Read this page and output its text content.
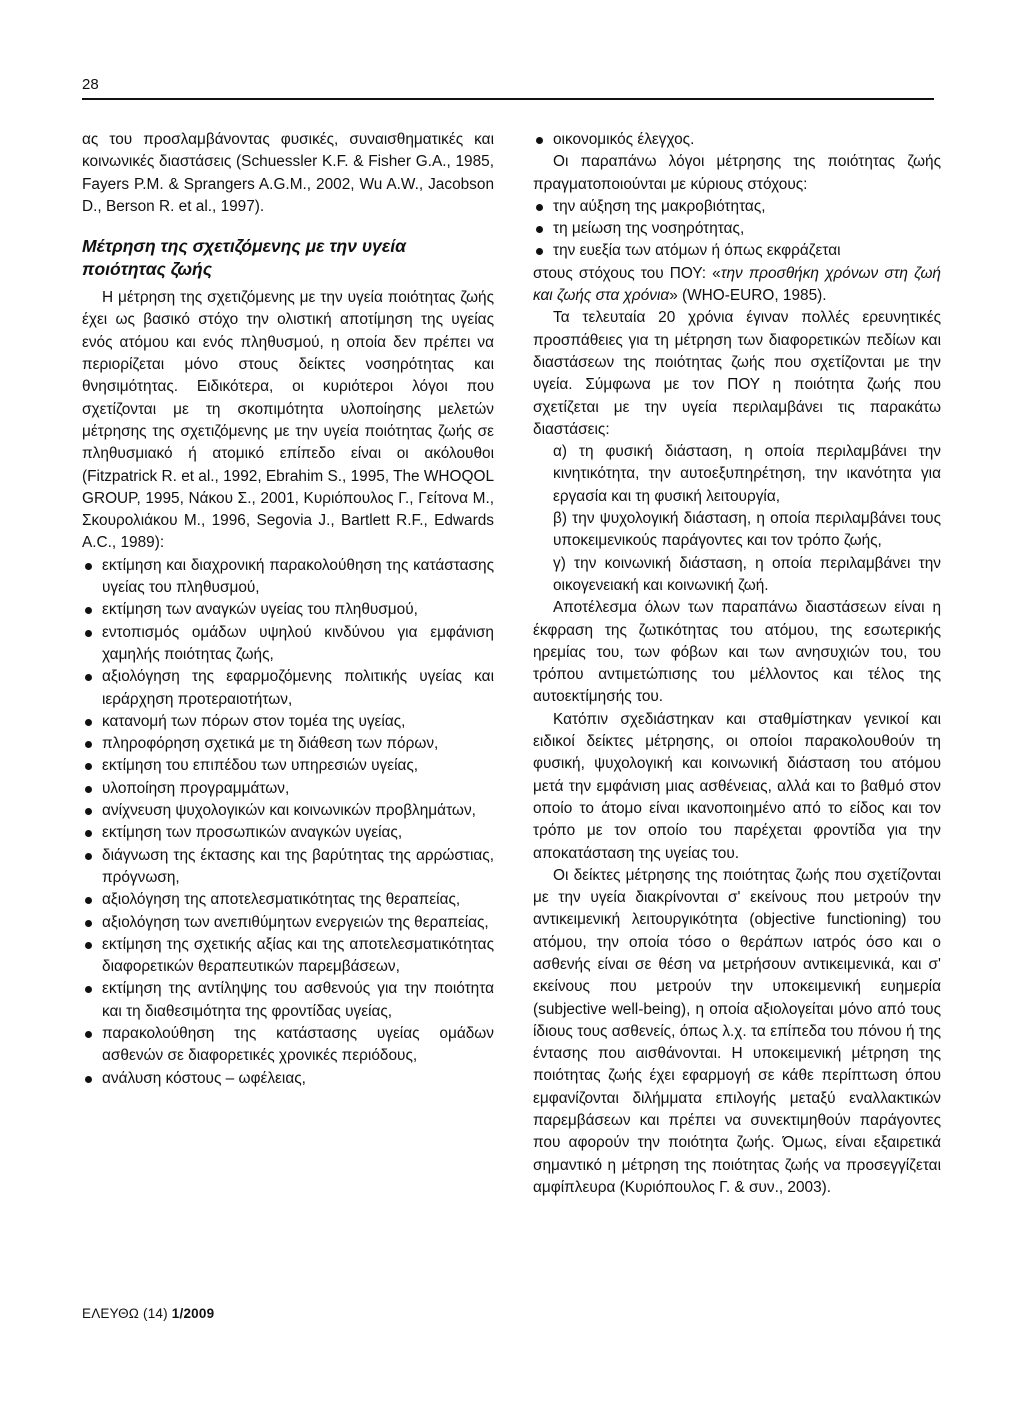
28

ας του προσλαμβάνοντας φυσικές, συναισθηματικές και κοινωνικές διαστάσεις (Schuessler K.F. & Fisher G.A., 1985, Fayers P.M. & Sprangers A.G.M., 2002, Wu A.W., Jacobson D., Berson R. et al., 1997).

Μέτρηση της σχετιζόμενης με την υγεία ποιότητας ζωής

Η μέτρηση της σχετιζόμενης με την υγεία ποιότητας ζωής έχει ως βασικό στόχο την ολιστική αποτίμηση της υγείας ενός ατόμου και ενός πληθυσμού, η οποία δεν πρέπει να περιορίζεται μόνο στους δείκτες νοσηρότητας και θνησιμότητας. Ειδικότερα, οι κυριότεροι λόγοι που σχετίζονται με τη σκοπιμότητα υλοποίησης μελετών μέτρησης της σχετιζόμενης με την υγεία ποιότητας ζωής σε πληθυσμιακό ή ατομικό επίπεδο είναι οι ακόλουθοι (Fitzpatrick R. et al., 1992, Ebrahim S., 1995, The WHOQOL GROUP, 1995, Νάκου Σ., 2001, Κυριόπουλος Γ., Γείτονα Μ., Σκουρολιάκου Μ., 1996, Segovia J., Bartlett R.F., Edwards A.C., 1989):

εκτίμηση και διαχρονική παρακολούθηση της κατάστασης υγείας του πληθυσμού,
εκτίμηση των αναγκών υγείας του πληθυσμού,
εντοπισμός ομάδων υψηλού κινδύνου για εμφάνιση χαμηλής ποιότητας ζωής,
αξιολόγηση της εφαρμοζόμενης πολιτικής υγείας και ιεράρχηση προτεραιοτήτων,
κατανομή των πόρων στον τομέα της υγείας,
πληροφόρηση σχετικά με τη διάθεση των πόρων,
εκτίμηση του επιπέδου των υπηρεσιών υγείας,
υλοποίηση προγραμμάτων,
ανίχνευση ψυχολογικών και κοινωνικών προβλημάτων,
εκτίμηση των προσωπικών αναγκών υγείας,
διάγνωση της έκτασης και της βαρύτητας της αρρώστιας, πρόγνωση,
αξιολόγηση της αποτελεσματικότητας της θεραπείας,
αξιολόγηση των ανεπιθύμητων ενεργειών της θεραπείας,
εκτίμηση της σχετικής αξίας και της αποτελεσματικότητας διαφορετικών θεραπευτικών παρεμβάσεων,
εκτίμηση της αντίληψης του ασθενούς για την ποιότητα και τη διαθεσιμότητα της φροντίδας υγείας,
παρακολούθηση της κατάστασης υγείας ομάδων ασθενών σε διαφορετικές χρονικές περιόδους,
ανάλυση κόστους – ωφέλειας,
οικονομικός έλεγχος.

Οι παραπάνω λόγοι μέτρησης της ποιότητας ζωής πραγματοποιούνται με κύριους στόχους:

την αύξηση της μακροβιότητας,
τη μείωση της νοσηρότητας,
την ευεξία των ατόμων ή όπως εκφράζεται

στους στόχους του ΠΟΥ: «την προσθήκη χρόνων στη ζωή και ζωής στα χρόνια» (WHO-EURO, 1985).

Τα τελευταία 20 χρόνια έγιναν πολλές ερευνητικές προσπάθειες για τη μέτρηση των διαφορετικών πεδίων και διαστάσεων της ποιότητας ζωής που σχετίζονται με την υγεία. Σύμφωνα με τον ΠΟΥ η ποιότητα ζωής που σχετίζεται με την υγεία περιλαμβάνει τις παρακάτω διαστάσεις:

α) τη φυσική διάσταση, η οποία περιλαμβάνει την κινητικότητα, την αυτοεξυπηρέτηση, την ικανότητα για εργασία και τη φυσική λειτουργία,

β) την ψυχολογική διάσταση, η οποία περιλαμβάνει τους υποκειμενικούς παράγοντες και τον τρόπο ζωής,

γ) την κοινωνική διάσταση, η οποία περιλαμβάνει την οικογενειακή και κοινωνική ζωή.

Αποτέλεσμα όλων των παραπάνω διαστάσεων είναι η έκφραση της ζωτικότητας του ατόμου, της εσωτερικής ηρεμίας του, των φόβων και των ανησυχιών του, του τρόπου αντιμετώπισης του μέλλοντος και τέλος της αυτοεκτίμησής του.

Κατόπιν σχεδιάστηκαν και σταθμίστηκαν γενικοί και ειδικοί δείκτες μέτρησης, οι οποίοι παρακολουθούν τη φυσική, ψυχολογική και κοινωνική διάσταση του ατόμου μετά την εμφάνιση μιας ασθένειας, αλλά και το βαθμό στον οποίο το άτομο είναι ικανοποιημένο από το είδος και τον τρόπο με τον οποίο του παρέχεται φροντίδα για την αποκατάσταση της υγείας του.

Οι δείκτες μέτρησης της ποιότητας ζωής που σχετίζονται με την υγεία διακρίνονται σ' εκείνους που μετρούν την αντικειμενική λειτουργικότητα (objective functioning) του ατόμου, την οποία τόσο ο θεράπων ιατρός όσο και ο ασθενής είναι σε θέση να μετρήσουν αντικειμενικά, και σ' εκείνους που μετρούν την υποκειμενική ευημερία (subjective well-being), η οποία αξιολογείται μόνο από τους ίδιους τους ασθενείς, όπως λ.χ. τα επίπεδα του πόνου ή της έντασης που αισθάνονται. Η υποκειμενική μέτρηση της ποιότητας ζωής έχει εφαρμογή σε κάθε περίπτωση όπου εμφανίζονται διλήμματα επιλογής μεταξύ εναλλακτικών παρεμβάσεων και πρέπει να συνεκτιμηθούν παράγοντες που αφορούν την ποιότητα ζωής. Όμως, είναι εξαιρετικά σημαντικό η μέτρηση της ποιότητας ζωής να προσεγγίζεται αμφίπλευρα (Κυριόπουλος Γ. & συν., 2003).

ΕΛΕΥΘΩ (14) 1/2009
